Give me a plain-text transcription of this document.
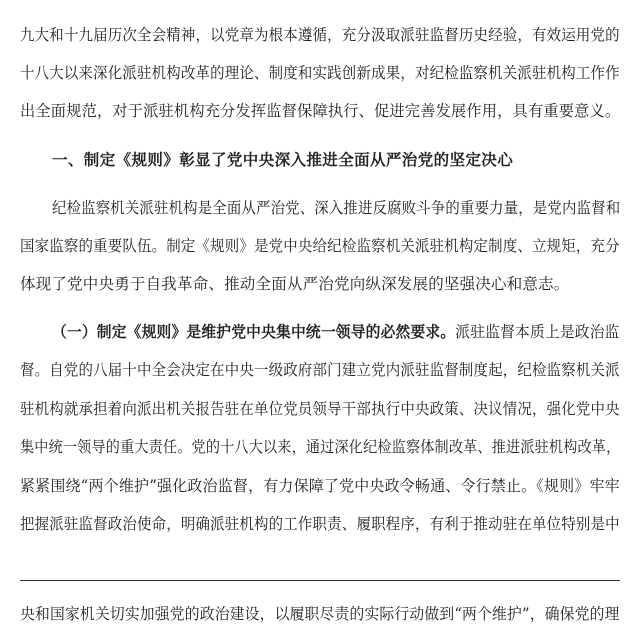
九大和十九届历次全会精神，以党章为根本遵循，充分汲取派驻监督历史经验，有效运用党的
十八大以来深化派驻机构改革的理论、制度和实践创新成果，对纪检监察机关派驻机构工作作
出全面规范，对于派驻机构充分发挥监督保障执行、促进完善发展作用，具有重要意义。
一、制定《规则》彰显了党中央深入推进全面从严治党的坚定决心
纪检监察机关派驻机构是全面从严治党、深入推进反腐败斗争的重要力量，是党内监督和
国家监察的重要队伍。制定《规则》是党中央给纪检监察机关派驻机构定制度、立规矩，充分
体现了党中央勇于自我革命、推动全面从严治党向纵深发展的坚强决心和意志。
（一）制定《规则》是维护党中央集中统一领导的必然要求。派驻监督本质上是政治监
督。自党的八届十中全会决定在中央一级政府部门建立党内派驻监督制度起，纪检监察机关派
驻机构就承担着向派出机关报告驻在单位党员领导干部执行中央政策、决议情况，强化党中央
集中统一领导的重大责任。党的十八大以来，通过深化纪检监察体制改革、推进派驻机构改革，
紧紧围绕“两个维护”强化政治监督，有力保障了党中央政令畅通、令行禁止。《规则》牢牢
把握派驻监督政治使命，明确派驻机构的工作职责、履职程序，有利于推动驻在单位特别是中
央和国家机关切实加强党的政治建设，以履职尽责的实际行动做到“两个维护”，确保党的理
